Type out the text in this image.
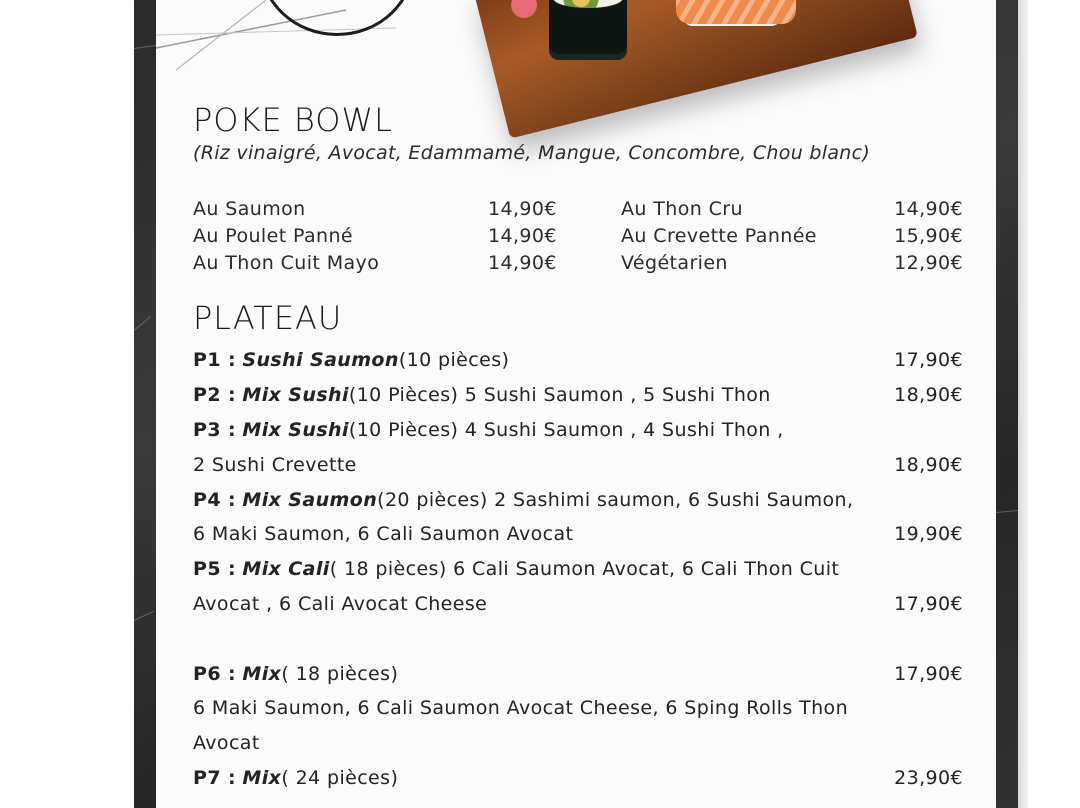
POKE BOWL
(Riz vinaigré, Avocat, Edammamé, Mangue, Concombre, Chou blanc)
Au Saumon	14,90€	Au Thon Cru	14,90€
Au Poulet Panné	14,90€	Au Crevette Pannée	15,90€
Au Thon Cuit Mayo	14,90€	Végétarien	12,90€
PLATEAU
P1 :
Sushi Saumon (10 pièces)	17,90€
P2 :
Mix Sushi (10 Pièces) 5 Sushi Saumon , 5 Sushi Thon	18,90€
P3 :
Mix Sushi (10 Pièces) 4 Sushi Saumon , 4 Sushi Thon ,
2 Sushi Crevette	18,90€
P4 :
Mix Saumon (20 pièces) 2 Sashimi saumon, 6 Sushi Saumon,
6 Maki Saumon, 6 Cali Saumon Avocat	19,90€
P5 :
Mix Cali ( 18 pièces) 6 Cali Saumon Avocat, 6 Cali Thon Cuit
Avocat , 6 Cali Avocat Cheese	17,90€
P6 :
Mix ( 18 pièces)	17,90€
6 Maki Saumon, 6 Cali Saumon Avocat Cheese, 6 Sping Rolls Thon
Avocat
P7 :
Mix ( 24 pièces)	23,90€
